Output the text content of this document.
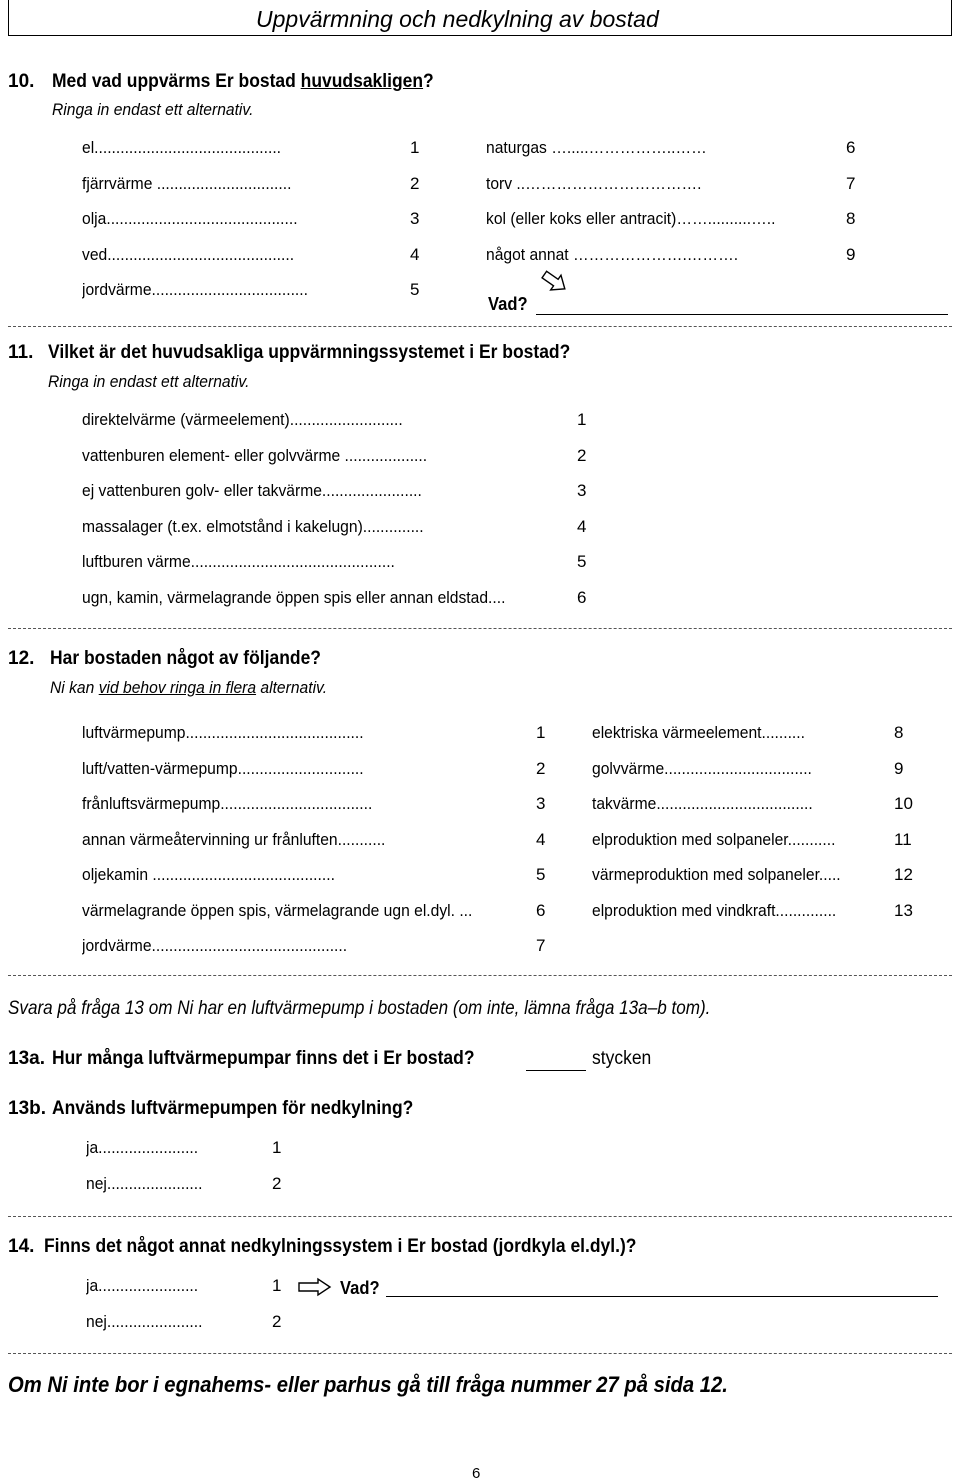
Uppvärmning och nedkylning av bostad
10. Med vad uppvärms Er bostad huvudsakligen?
Ringa in endast ett alternativ.
el...........................................	1
fjärrvärme ...............................	2
olja............................................	3
ved...........................................	4
jordvärme....................................	5
naturgas ….....……………..……	6
torv ..…………………………….	7
kol (eller koks eller antracit)……..........…..	8
något annat ………………….……….	9
Vad?
11. Vilket är det huvudsakliga uppvärmningssystemet i Er bostad?
Ringa in endast ett alternativ.
direktelvärme (värmeelement)..........................	1
vattenburen element- eller golvvärme ...................	2
ej vattenburen golv- eller takvärme.......................	3
massalager (t.ex. elmotstånd i kakelugn)..............	4
luftburen värme...............................................	5
ugn, kamin, värmelagrande öppen spis eller annan eldstad....	6
12. Har bostaden något av följande?
Ni kan vid behov ringa in flera alternativ.
luftvärmepump.........................................	1
luft/vatten-värmepump.............................	2
frånluftsvärmepump...................................	3
annan värmeåtervinning ur frånluften...........	4
oljekamin ..........................................	5
värmelagrande öppen spis, värmelagrande ugn el.dyl. ...	6
jordvärme.............................................	7
elektriska värmeelement..........	8
golvvärme..................................	9
takvärme....................................	10
elproduktion med solpaneler...........	11
värmeproduktion med solpaneler.....	12
elproduktion med vindkraft..............	13
Svara på fråga 13 om Ni har en luftvärmepump i bostaden (om inte, lämna fråga 13a–b tom).
13a. Hur många luftvärmepumpar finns det i Er bostad?	stycken
13b. Används luftvärmepumpen för nedkylning?
ja.......................	1
nej......................	2
14. Finns det något annat nedkylningssystem i Er bostad (jordkyla el.dyl.)?
ja.......................	1
nej......................	2
Vad?
Om Ni inte bor i egnahems- eller parhus gå till fråga nummer 27 på sida 12.
6
